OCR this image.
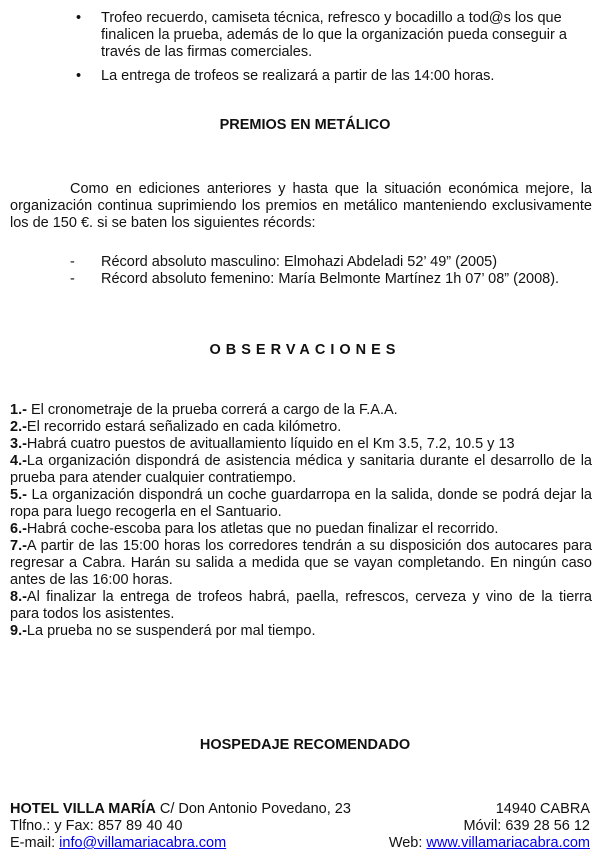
• Trofeo recuerdo, camiseta técnica, refresco y bocadillo a tod@s los que finalicen la prueba, además de lo que la organización pueda conseguir a través de las firmas comerciales.
• La entrega de trofeos se realizará a partir de las 14:00 horas.
PREMIOS EN METÁLICO
Como en ediciones anteriores y hasta que la situación económica mejore, la organización continua suprimiendo los premios en metálico manteniendo exclusivamente los de 150 €. si se baten los siguientes récords:
- Récord absoluto masculino: Elmohazi Abdeladi 52’ 49” (2005)
- Récord absoluto femenino: María Belmonte Martínez 1h 07’ 08” (2008).
OBSERVACIONES
1.- El cronometraje de la prueba correrá a cargo de la F.A.A.
2.-El recorrido estará señalizado en cada kilómetro.
3.-Habrá cuatro puestos de avituallamiento líquido en el Km 3.5, 7.2, 10.5 y 13
4.-La organización dispondrá de asistencia médica y sanitaria durante el desarrollo de la prueba para atender cualquier contratiempo.
5.- La organización dispondrá un coche guardarropa en la salida, donde se podrá dejar la ropa para luego recogerla en el Santuario.
6.-Habrá coche-escoba para los atletas que no puedan finalizar el recorrido.
7.-A partir de las 15:00 horas los corredores tendrán a su disposición dos autocares para regresar a Cabra. Harán su salida a medida que se vayan completando. En ningún caso antes de las 16:00 horas.
8.-Al finalizar la entrega de trofeos habrá, paella, refrescos, cerveza y vino de la tierra para todos los asistentes.
9.-La prueba no se suspenderá por mal tiempo.
HOSPEDAJE RECOMENDADO
HOTEL VILLA MARÍA C/ Don Antonio Povedano, 23	14940 CABRA
Tlfno.: y Fax: 857 89 40 40	Móvil: 639 28 56 12
E-mail: info@villamariacabra.com	Web: www.villamariacabra.com
